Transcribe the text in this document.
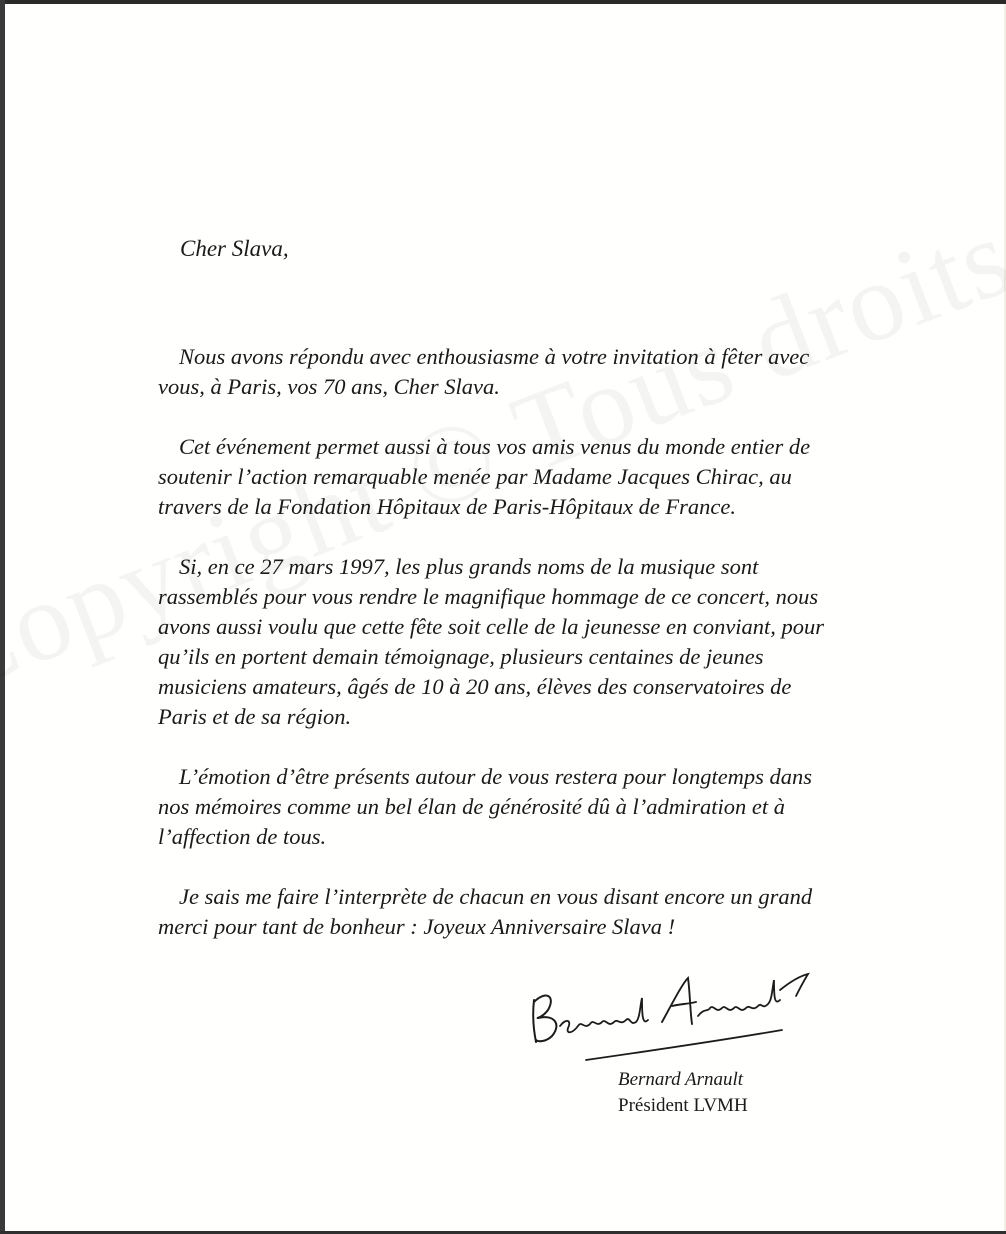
Cher Slava,

Nous avons répondu avec enthousiasme à votre invitation à fêter avec vous, à Paris, vos 70 ans, Cher Slava.

Cet événement permet aussi à tous vos amis venus du monde entier de soutenir l’action remarquable menée par Madame Jacques Chirac, au travers de la Fondation Hôpitaux de Paris-Hôpitaux de France.

Si, en ce 27 mars 1997, les plus grands noms de la musique sont rassemblés pour vous rendre le magnifique hommage de ce concert, nous avons aussi voulu que cette fête soit celle de la jeunesse en conviant, pour qu’ils en portent demain témoignage, plusieurs centaines de jeunes musiciens amateurs, âgés de 10 à 20 ans, élèves des conservatoires de Paris et de sa région.

L’émotion d’être présents autour de vous restera pour longtemps dans nos mémoires comme un bel élan de générosité dû à l’admiration et à l’affection de tous.

Je sais me faire l’interprète de chacun en vous disant encore un grand merci pour tant de bonheur : Joyeux Anniversaire Slava !

Bernard Arnault
Président LVMH
